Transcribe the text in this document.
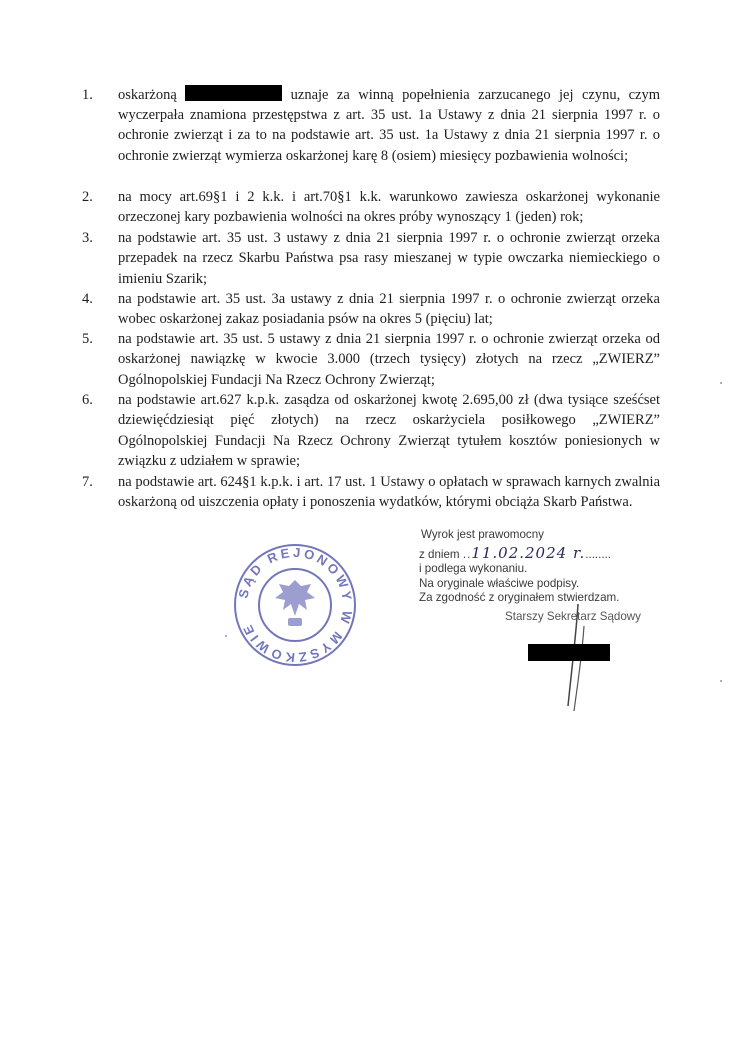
1. oskarżoną	uznaje za winną popełnienia zarzucanego jej czynu, czym
wyczerpała znamiona przestępstwa z art. 35 ust. 1a Ustawy z dnia 21 sierpnia 1997 r. o ochronie zwierząt i za to na podstawie art. 35 ust. 1a Ustawy z dnia 21 sierpnia 1997 r. o ochronie zwierząt wymierza oskarżonej karę 8 (osiem) miesięcy pozbawienia wolności;
2. na mocy art.69§1 i 2 k.k. i art.70§1 k.k. warunkowo zawiesza oskarżonej wykonanie orzeczonej kary pozbawienia wolności na okres próby wynoszący 1 (jeden) rok;
3. na podstawie art. 35 ust. 3 ustawy z dnia 21 sierpnia 1997 r. o ochronie zwierząt orzeka przepadek na rzecz Skarbu Państwa psa rasy mieszanej w typie owczarka niemieckiego o imieniu Szarik;
4. na podstawie art. 35 ust. 3a ustawy z dnia 21 sierpnia 1997 r. o ochronie zwierząt orzeka wobec oskarżonej zakaz posiadania psów na okres 5 (pięciu) lat;
5. na podstawie art. 35 ust. 5 ustawy z dnia 21 sierpnia 1997 r. o ochronie zwierząt orzeka od oskarżonej nawiązkę w kwocie 3.000 (trzech tysięcy) złotych na rzecz „ZWIERZ” Ogólnopolskiej Fundacji Na Rzecz Ochrony Zwierząt;
6. na podstawie art.627 k.p.k. zasądza od oskarżonej kwotę 2.695,00 zł (dwa tysiące sześćset dziewięćdziesiąt pięć złotych) na rzecz oskarżyciela posiłkowego „ZWIERZ” Ogólnopolskiej Fundacji Na Rzecz Ochrony Zwierząt tytułem kosztów poniesionych w związku z udziałem w sprawie;
7. na podstawie art. 624§1 k.p.k. i art. 17 ust. 1 Ustawy o opłatach w sprawach karnych zwalnia oskarżoną od uiszczenia opłaty i ponoszenia wydatków, którymi obciąża Skarb Państwa.
SĄD REJONOWY W MYSZKOWIE
Wyrok jest prawomocny
z dniem ..11.02.2024 r.........
i podlega wykonaniu.
Na oryginale właściwe podpisy.
Za zgodność z oryginałem stwierdzam.
Starszy Sekretarz Sądowy
